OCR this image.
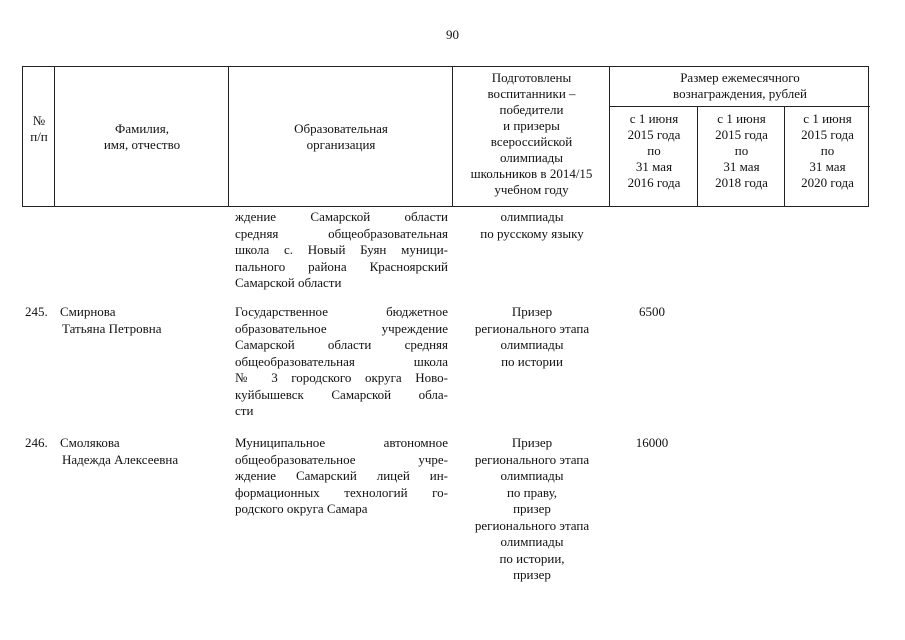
90
№
п/п
Фамилия,
имя, отчество
Образовательная
организация
Подготовлены
воспитанники –
победители
и призеры
всероссийской
олимпиады
школьников в 2014/15
учебном году
Размер ежемесячного
вознаграждения, рублей
с 1 июня
2015 года
по
31 мая
2016 года
с 1 июня
2015 года
по
31 мая
2018 года
с 1 июня
2015 года
по
31 мая
2020 года
ждение Самарской области
средняя общеобразовательная
школа с. Новый Буян муници-
пального района Красноярский
Самарской области
олимпиады
по русскому языку
245. Смирнова
Татьяна Петровна
Государственное бюджетное
образовательное учреждение
Самарской области средняя
общеобразовательная школа
№ 3 городского округа Ново-
куйбышевск Самарской обла-
сти
Призер
регионального этапа
олимпиады
по истории
6500
246. Смолякова
Надежда Алексеевна
Муниципальное автономное
общеобразовательное учре-
ждение Самарский лицей ин-
формационных технологий го-
родского округа Самара
Призер
регионального этапа
олимпиады
по праву,
призер
регионального этапа
олимпиады
по истории,
призер
16000
